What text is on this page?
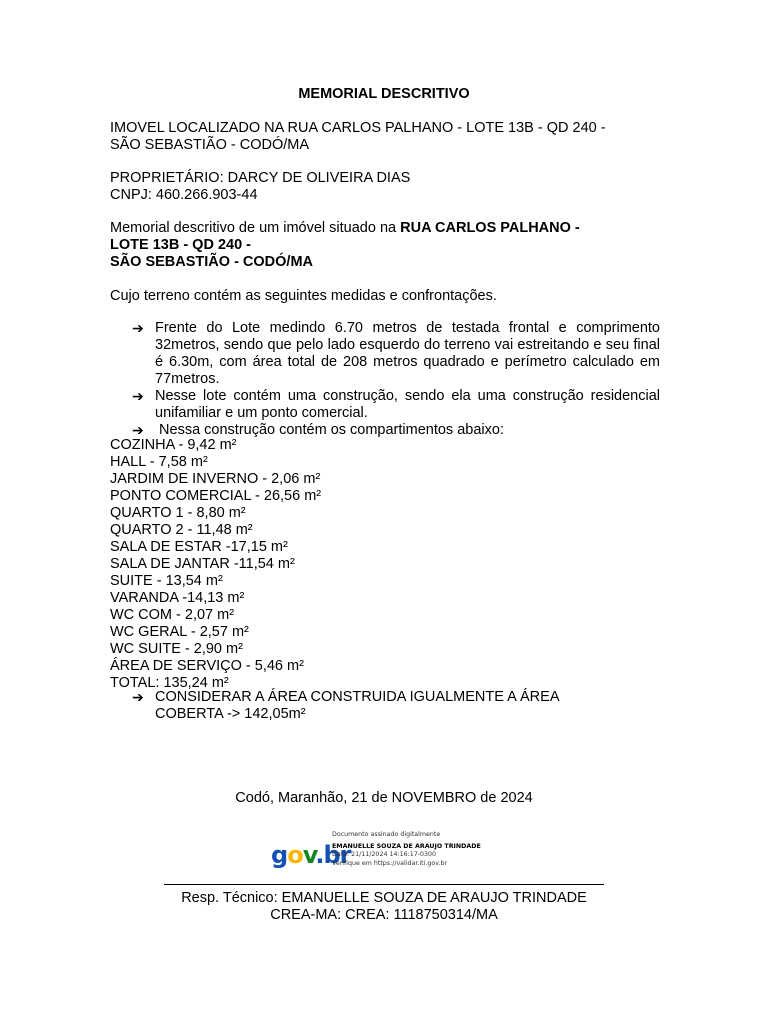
MEMORIAL DESCRITIVO
IMOVEL LOCALIZADO NA RUA CARLOS PALHANO - LOTE 13B - QD 240 -
SÃO SEBASTIÃO - CODÓ/MA
PROPRIETÁRIO: DARCY DE OLIVEIRA DIAS
CNPJ: 460.266.903-44
Memorial descritivo de um imóvel situado na RUA CARLOS PALHANO -
LOTE 13B - QD 240 -
SÃO SEBASTIÃO - CODÓ/MA
Cujo terreno contém as seguintes medidas e confrontações.
➔ Frente do Lote medindo 6.70 metros de testada frontal e comprimento 32metros, sendo que pelo lado esquerdo do terreno vai estreitando e seu final é 6.30m, com área total de 208 metros quadrado e perímetro calculado em 77metros.
➔ Nesse lote contém uma construção, sendo ela uma construção residencial unifamiliar e um ponto comercial.
➔ Nessa construção contém os compartimentos abaixo:
COZINHA - 9,42 m²
HALL - 7,58 m²
JARDIM DE INVERNO - 2,06 m²
PONTO COMERCIAL - 26,56 m²
QUARTO 1 - 8,80 m²
QUARTO 2 - 11,48 m²
SALA DE ESTAR -17,15 m²
SALA DE JANTAR -11,54 m²
SUITE - 13,54 m²
VARANDA -14,13 m²
WC COM - 2,07 m²
WC GERAL - 2,57 m²
WC SUITE - 2,90 m²
ÁREA DE SERVIÇO - 5,46 m²
TOTAL: 135,24 m²
➔ CONSIDERAR A ÁREA CONSTRUIDA IGUALMENTE A ÁREA
COBERTA -> 142,05m²
Codó, Maranhão, 21 de NOVEMBRO de 2024
gov.br
Documento assinado digitalmente
EMANUELLE SOUZA DE ARAUJO TRINDADE
Data: 21/11/2024 14:16:17-0300
Verifique em https://validar.iti.gov.br
Resp. Técnico: EMANUELLE SOUZA DE ARAUJO TRINDADE
CREA-MA: CREA: 1118750314/MA
